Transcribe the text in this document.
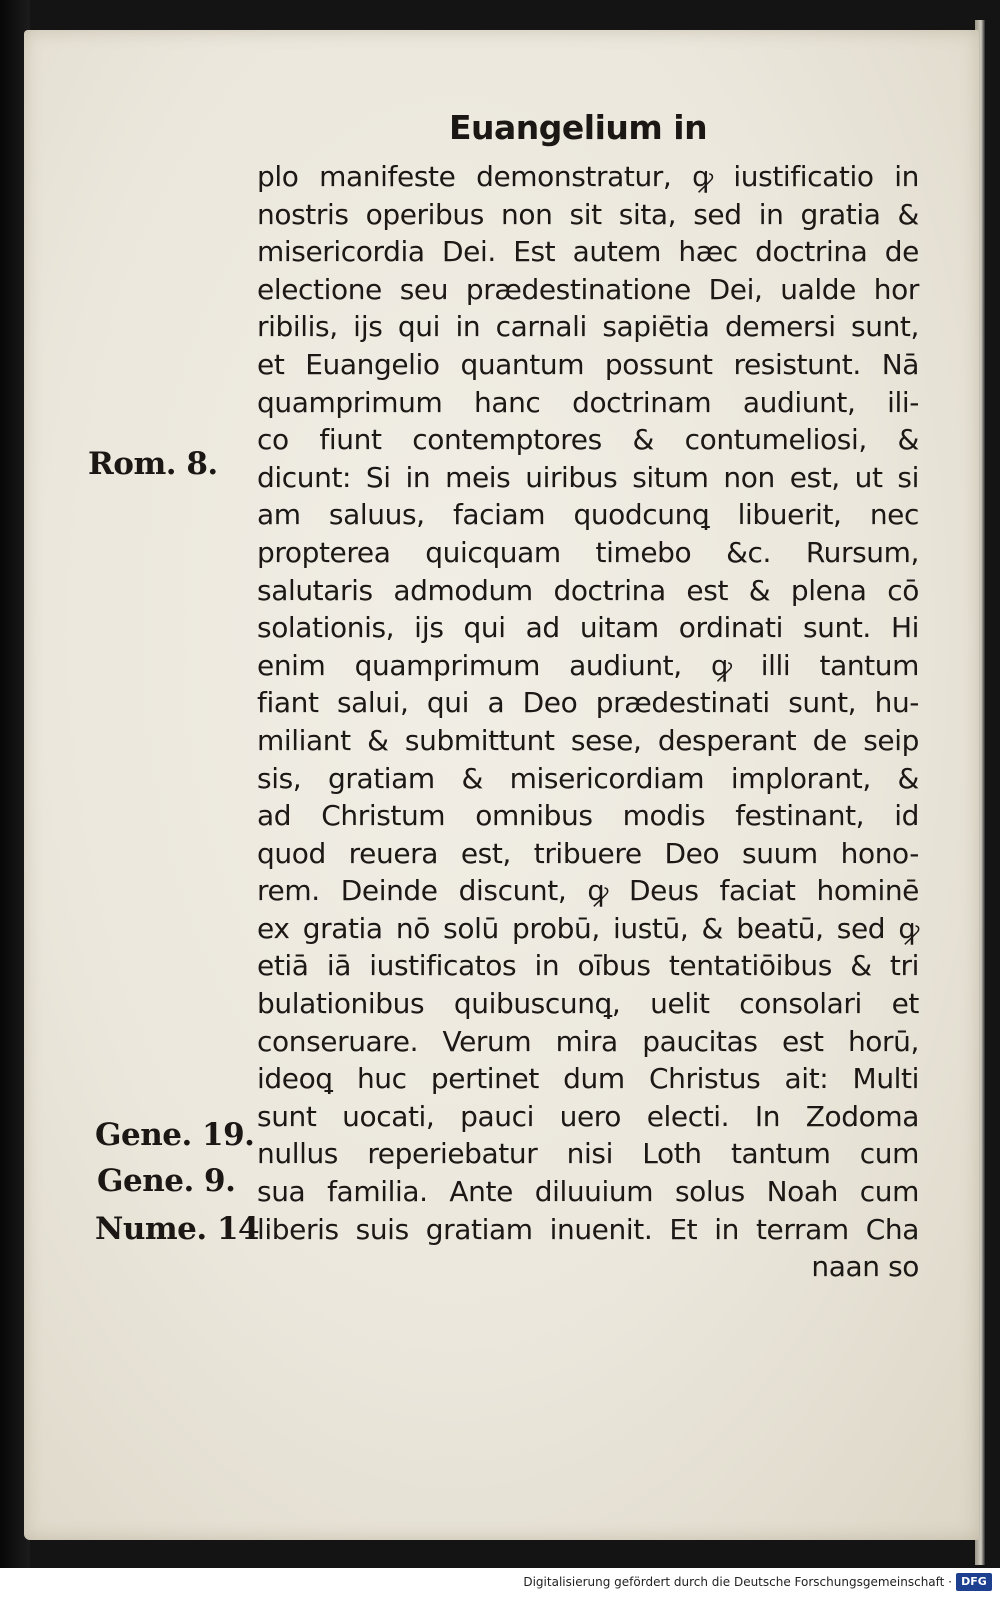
Euangelium in
plo manifeste demonstratur, ꝙ iustificatio in
nostris operibus non sit sita, sed in gratia &
misericordia Dei. Est autem hæc doctrina de
electione seu prædestinatione Dei, ualde hor
ribilis, ĳs qui in carnali sapiētia demersi sunt,
et Euangelio quantum possunt resistunt. Nā
quamprimum hanc doctrinam audiunt, ili-
co fiunt contemptores & contumeliosi, &
dicunt: Si in meis uiribus situm non est, ut si
am saluus, faciam quodcunꝗ libuerit, nec
propterea quicquam timebo &c. Rursum,
salutaris admodum doctrina est & plena cō
solationis, ĳs qui ad uitam ordinati sunt. Hi
enim quamprimum audiunt, ꝙ illi tantum
fiant salui, qui a Deo prædestinati sunt, hu-
miliant & submittunt sese, desperant de seip
sis, gratiam & misericordiam implorant, &
ad Christum omnibus modis festinant, id
quod reuera est, tribuere Deo suum hono-
rem. Deinde discunt, ꝙ Deus faciat hominē
ex gratia nō solū probū, iustū, & beatū, sed ꝙ
etiā iā iustificatos in oībus tentatiōibus & tri
bulationibus quibuscunꝗ, uelit consolari et
conseruare. Verum mira paucitas est horū,
ideoꝗ huc pertinet dum Christus ait: Multi
sunt uocati, pauci uero electi. In Zodoma
nullus reperiebatur nisi Loth tantum cum
sua familia. Ante diluuium solus Noah cum
liberis suis gratiam inuenit. Et in terram Cha
naan so
Rom. 8.
Gene. 19.
Gene. 9.
Nume. 14
Digitalisierung gefördert durch die Deutsche Forschungsgemeinschaft · DFG
